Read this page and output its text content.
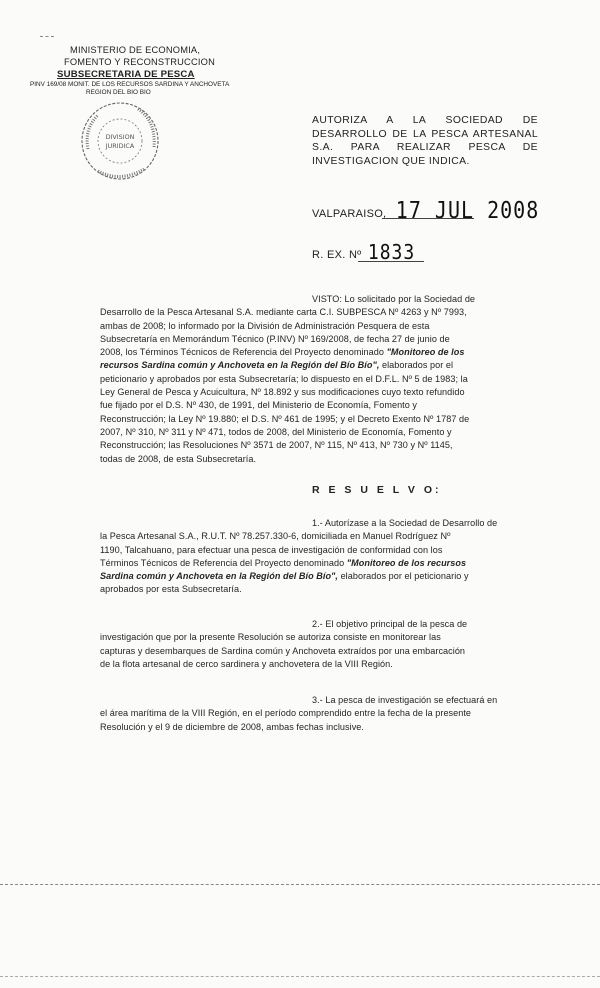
MINISTERIO DE ECONOMIA,
FOMENTO Y RECONSTRUCCION
SUBSECRETARIA DE PESCA
PINV 169/08 MONIT. DE LOS RECURSOS SARDINA Y ANCHOVETA
REGION DEL BIO BIO
DIVISION
JURIDICA
AUTORIZA A LA SOCIEDAD DE
DESARROLLO DE LA PESCA ARTESANAL
S.A. PARA REALIZAR PESCA DE
INVESTIGACION QUE INDICA.
VALPARAISO, 17 JUL 2008
R. EX. Nº 1833
VISTO: Lo solicitado por la Sociedad de
Desarrollo de la Pesca Artesanal S.A. mediante carta C.I. SUBPESCA Nº 4263 y Nº 7993,
ambas de 2008; lo informado por la División de Administración Pesquera de esta
Subsecretaría en Memorándum Técnico (P.INV) Nº 169/2008, de fecha 27 de junio de
2008, los Términos Técnicos de Referencia del Proyecto denominado "Monitoreo de los
recursos Sardina común y Anchoveta en la Región del Bío Bío", elaborados por el
peticionario y aprobados por esta Subsecretaría; lo dispuesto en el D.F.L. Nº 5 de 1983; la
Ley General de Pesca y Acuicultura, Nº 18.892 y sus modificaciones cuyo texto refundido
fue fijado por el D.S. Nº 430, de 1991, del Ministerio de Economía, Fomento y
Reconstrucción; la Ley Nº 19.880; el D.S. Nº 461 de 1995; y el Decreto Exento Nº 1787 de
2007, Nº 310, Nº 311 y Nº 471, todos de 2008, del Ministerio de Economía, Fomento y
Reconstrucción; las Resoluciones Nº 3571 de 2007, Nº 115, Nº 413, Nº 730 y Nº 1145,
todas de 2008, de esta Subsecretaría.
R E S U E L V O:
1.- Autorízase a la Sociedad de Desarrollo de
la Pesca Artesanal S.A., R.U.T. Nº 78.257.330-6, domiciliada en Manuel Rodríguez Nº
1190, Talcahuano, para efectuar una pesca de investigación de conformidad con los
Términos Técnicos de Referencia del Proyecto denominado "Monitoreo de los recursos
Sardina común y Anchoveta en la Región del Bío Bío", elaborados por el peticionario y
aprobados por esta Subsecretaría.
2.- El objetivo principal de la pesca de
investigación que por la presente Resolución se autoriza consiste en monitorear las
capturas y desembarques de Sardina común y Anchoveta extraídos por una embarcación
de la flota artesanal de cerco sardinera y anchovetera de la VIII Región.
3.- La pesca de investigación se efectuará en
el área marítima de la VIII Región, en el período comprendido entre la fecha de la presente
Resolución y el 9 de diciembre de 2008, ambas fechas inclusive.
